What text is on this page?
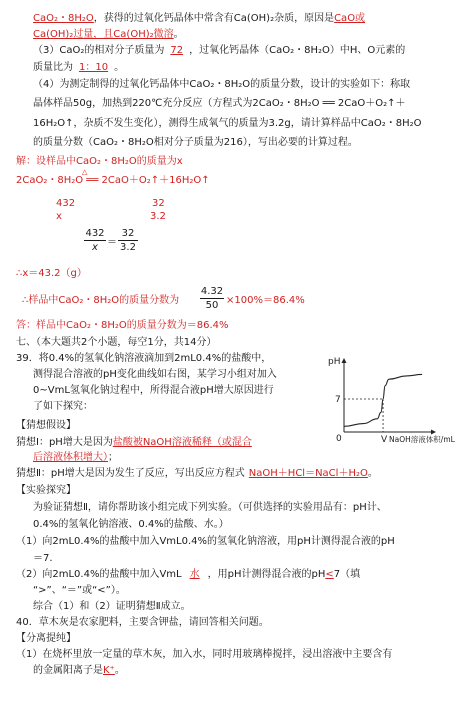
CaO₂・8H₂O，获得的过氧化钙晶体中常含有Ca(OH)₂杂质，原因是CaO或
Ca(OH)₂过量，且Ca(OH)₂微溶。
（3）CaO₂的相对分子质量为 72 ，过氧化钙晶体（CaO₂・8H₂O）中H、O元素的
质量比为 1：10 。
（4）为测定制得的过氧化钙晶体中CaO₂・8H₂O的质量分数，设计的实验如下：称取
晶体样品50g，加热到220℃充分反应（方程式为2CaO₂・8H₂O ══ 2CaO＋O₂↑＋
16H₂O↑，杂质不发生变化），测得生成氧气的质量为3.2g，请计算样品中CaO₂・8H₂O
的质量分数（CaO₂・8H₂O相对分子质量为216），写出必要的计算过程。
解：设样品中CaO₂・8H₂O的质量为x
△
2CaO₂・8H₂O ══ 2CaO＋O₂↑＋16H₂O↑
432	32
x	3.2
432
x ＝
32
3.2
∴x＝43.2（g）
∴样品中CaO₂・8H₂O的质量分数为
4.32
50 ×100%＝86.4%
答：样品中CaO₂・8H₂O的质量分数为＝86.4%
七、（本大题共2个小题，每空1分，共14分）
39．将0.4%的氢氧化钠溶液滴加到2mL0.4%的盐酸中，
测得混合溶液的pH变化曲线如右图，某学习小组对加入
0~VmL氢氧化钠过程中，所得混合液pH增大原因进行
了如下探究：
【猜想假设】
猜想Ⅰ：pH增大是因为盐酸被NaOH溶液稀释（或混合
后溶液体积增大）；
猜想Ⅱ：pH增大是因为发生了反应，写出反应方程式 NaOH＋HCl＝NaCl＋H₂O。
【实验探究】
为验证猜想Ⅱ，请你帮助该小组完成下列实验。（可供选择的实验用品有：pH计、
0.4%的氢氧化钠溶液、0.4%的盐酸、水。）
（1）向2mL0.4%的盐酸中加入VmL0.4%的氢氧化钠溶液，用pH计测得混合液的pH
＝7.
（2）向2mL0.4%的盐酸中加入VmL 水 ，用pH计测得混合液的pH<7（填
“>”、“＝”或“<”）。
综合（1）和（2）证明猜想Ⅱ成立。
40．草木灰是农家肥料，主要含钾盐，请回答相关问题。
【分离提纯】
（1）在烧杯里放一定量的草木灰，加入水，同时用玻璃棒搅拌，浸出溶液中主要含有
的金属阳离子是K⁺。
pH
7
0	V NaOH溶液体积/mL
